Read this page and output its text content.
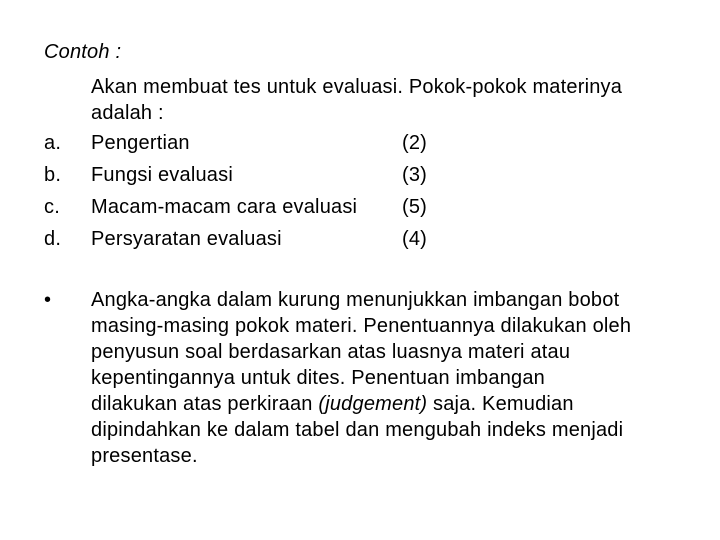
Contoh :
Akan membuat tes untuk evaluasi. Pokok-pokok materinya
adalah :
a. Pengertian	(2)
b. Fungsi evaluasi	(3)
c. Macam-macam cara evaluasi (5)
d. Persyaratan evaluasi	(4)
• Angka-angka dalam kurung menunjukkan imbangan bobot
masing-masing pokok materi. Penentuannya dilakukan oleh
penyusun soal berdasarkan atas luasnya materi atau
kepentingannya untuk dites. Penentuan imbangan
dilakukan atas perkiraan (judgement) saja. Kemudian
dipindahkan ke dalam tabel dan mengubah indeks menjadi
presentase.
